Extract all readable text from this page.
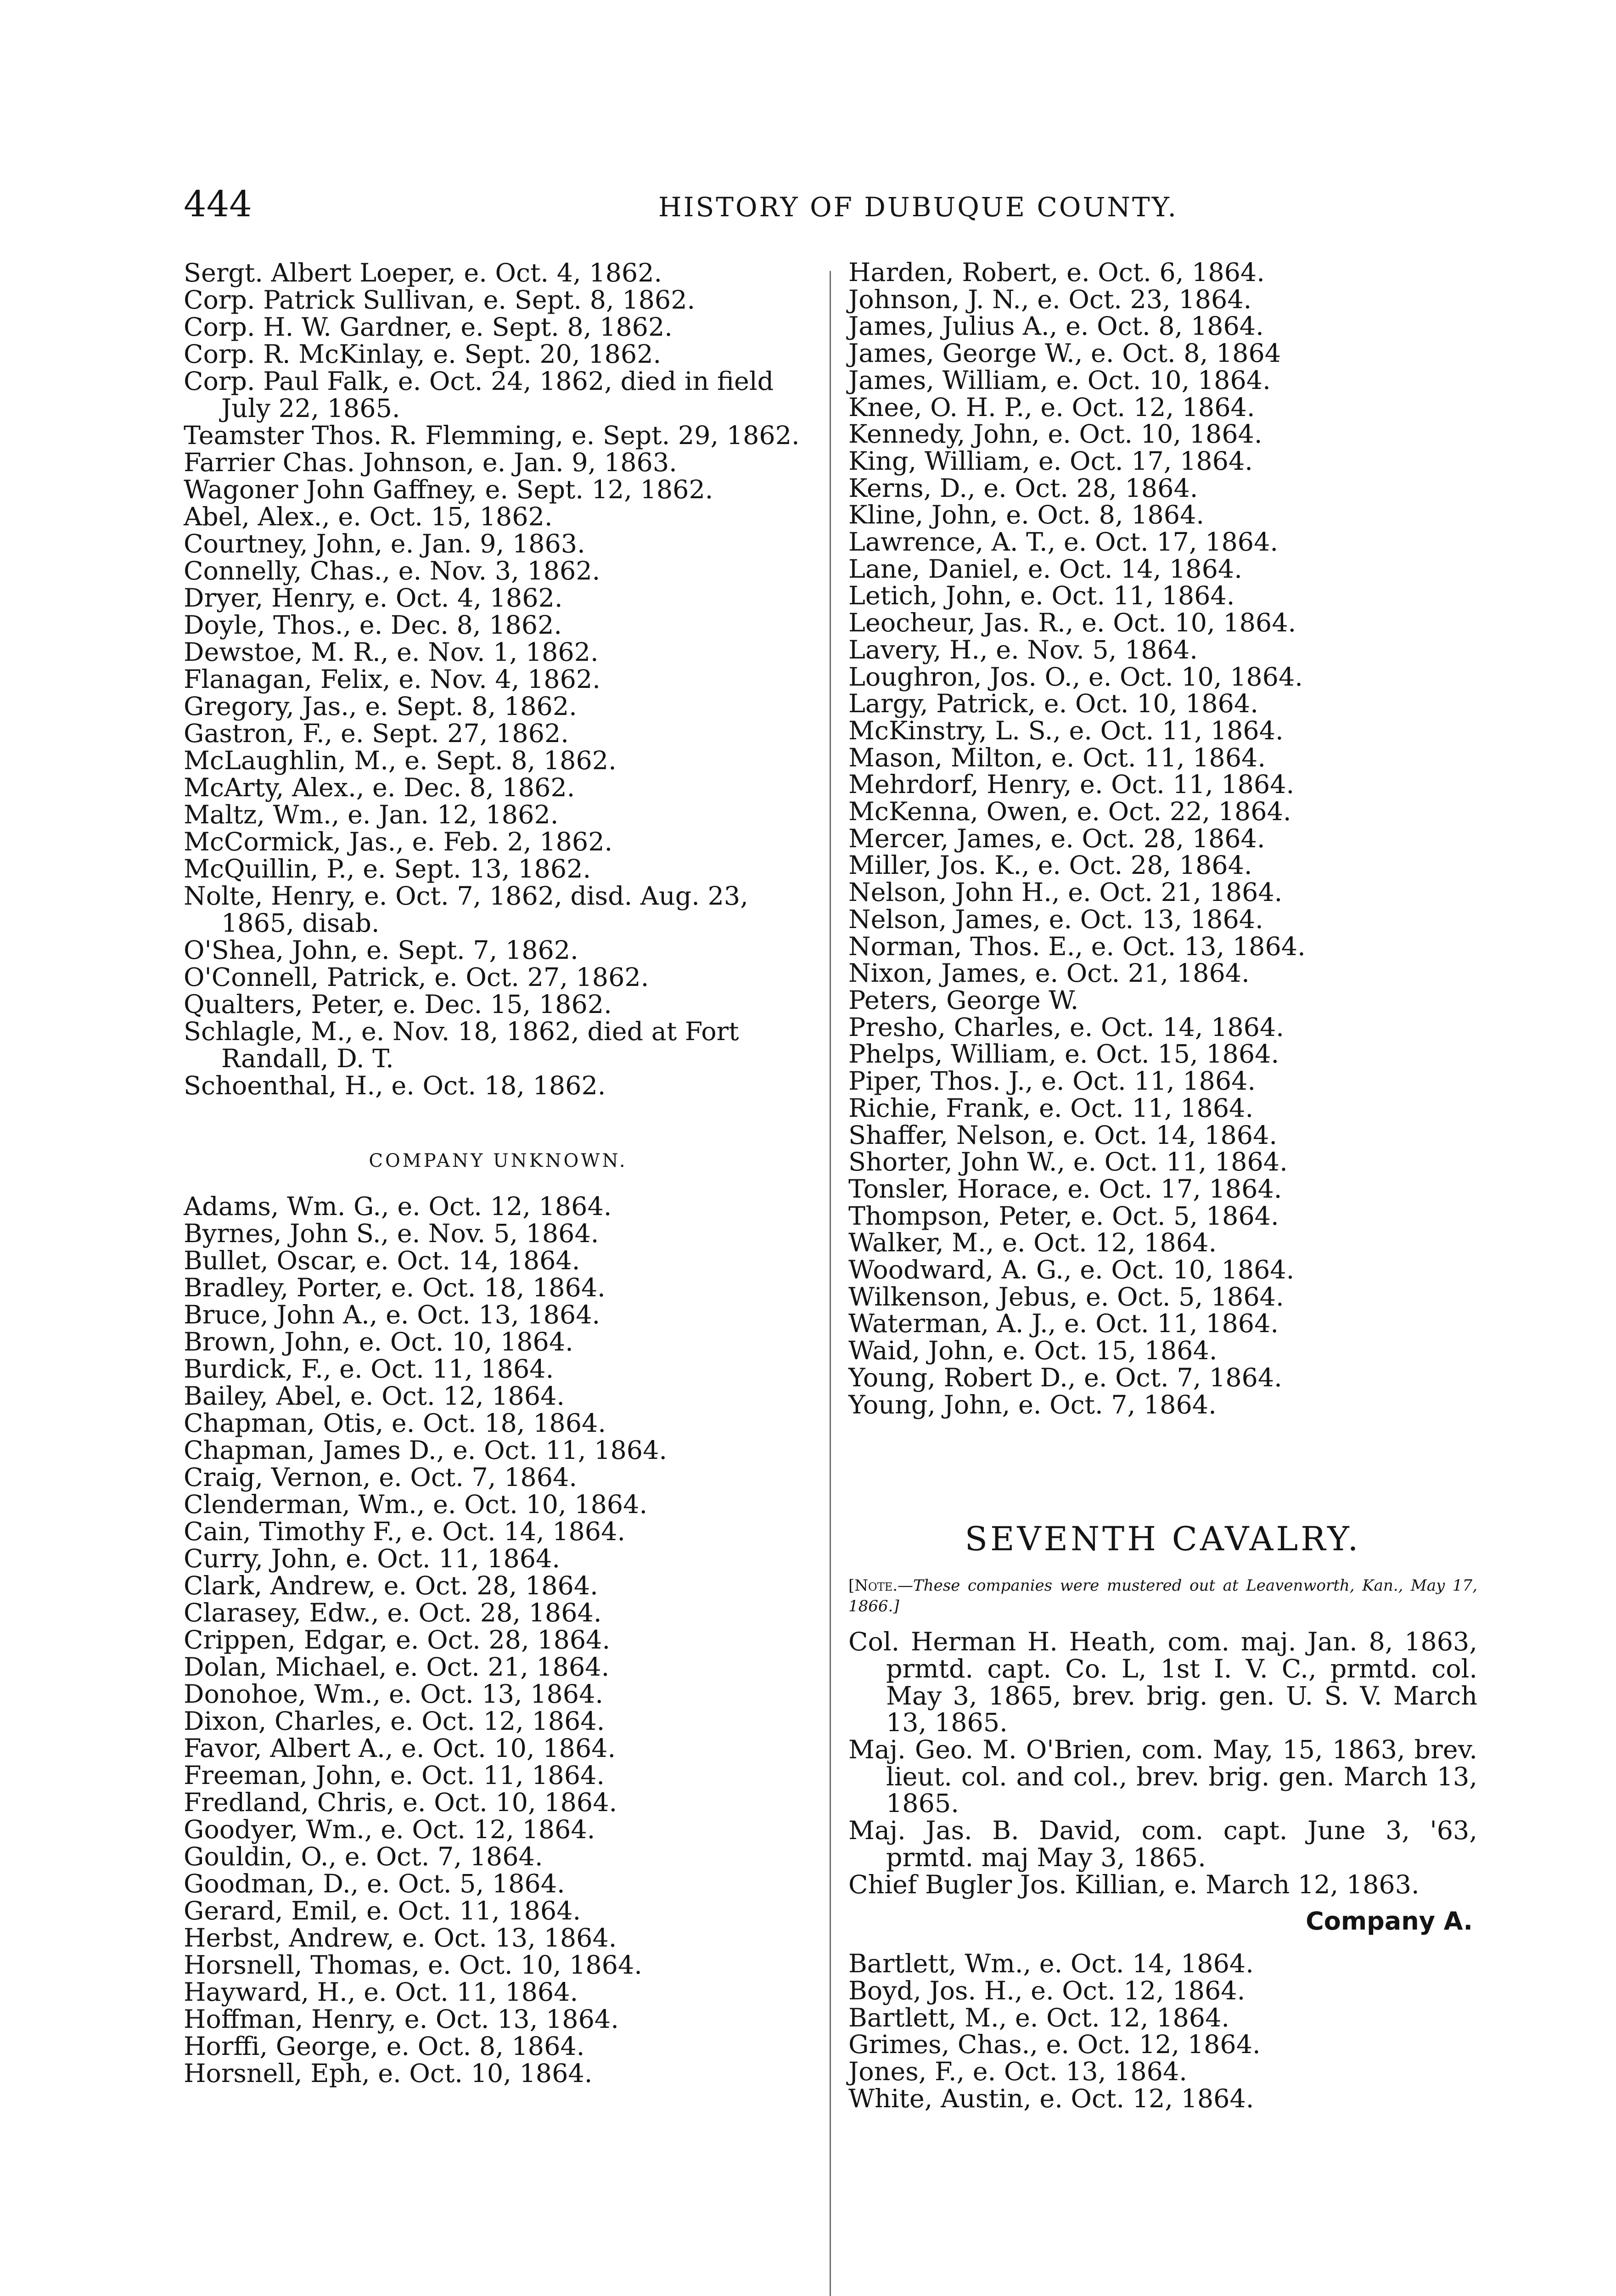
444	HISTORY OF DUBUQUE COUNTY.
Sergt. Albert Loeper, e. Oct. 4, 1862.
Corp. Patrick Sullivan, e. Sept. 8, 1862.
Corp. H. W. Gardner, e. Sept. 8, 1862.
Corp. R. McKinlay, e. Sept. 20, 1862.
Corp. Paul Falk, e. Oct. 24, 1862, died in field July 22, 1865.
Teamster Thos. R. Flemming, e. Sept. 29, 1862.
Farrier Chas. Johnson, e. Jan. 9, 1863.
Wagoner John Gaffney, e. Sept. 12, 1862.
Abel, Alex., e. Oct. 15, 1862.
Courtney, John, e. Jan. 9, 1863.
Connelly, Chas., e. Nov. 3, 1862.
Dryer, Henry, e. Oct. 4, 1862.
Doyle, Thos., e. Dec. 8, 1862.
Dewstoe, M. R., e. Nov. 1, 1862.
Flanagan, Felix, e. Nov. 4, 1862.
Gregory, Jas., e. Sept. 8, 1862.
Gastron, F., e. Sept. 27, 1862.
McLaughlin, M., e. Sept. 8, 1862.
McArty, Alex., e. Dec. 8, 1862.
Maltz, Wm., e. Jan. 12, 1862.
McCormick, Jas., e. Feb. 2, 1862.
McQuillin, P., e. Sept. 13, 1862.
Nolte, Henry, e. Oct. 7, 1862, disd. Aug. 23, 1865, disab.
O'Shea, John, e. Sept. 7, 1862.
O'Connell, Patrick, e. Oct. 27, 1862.
Qualters, Peter, e. Dec. 15, 1862.
Schlagle, M., e. Nov. 18, 1862, died at Fort Randall, D. T.
Schoenthal, H., e. Oct. 18, 1862.
COMPANY UNKNOWN.
Adams, Wm. G., e. Oct. 12, 1864.
Byrnes, John S., e. Nov. 5, 1864.
Bullet, Oscar, e. Oct. 14, 1864.
Bradley, Porter, e. Oct. 18, 1864.
Bruce, John A., e. Oct. 13, 1864.
Brown, John, e. Oct. 10, 1864.
Burdick, F., e. Oct. 11, 1864.
Bailey, Abel, e. Oct. 12, 1864.
Chapman, Otis, e. Oct. 18, 1864.
Chapman, James D., e. Oct. 11, 1864.
Craig, Vernon, e. Oct. 7, 1864.
Clenderman, Wm., e. Oct. 10, 1864.
Cain, Timothy F., e. Oct. 14, 1864.
Curry, John, e. Oct. 11, 1864.
Clark, Andrew, e. Oct. 28, 1864.
Clarasey, Edw., e. Oct. 28, 1864.
Crippen, Edgar, e. Oct. 28, 1864.
Dolan, Michael, e. Oct. 21, 1864.
Donohoe, Wm., e. Oct. 13, 1864.
Dixon, Charles, e. Oct. 12, 1864.
Favor, Albert A., e. Oct. 10, 1864.
Freeman, John, e. Oct. 11, 1864.
Fredland, Chris, e. Oct. 10, 1864.
Goodyer, Wm., e. Oct. 12, 1864.
Gouldin, O., e. Oct. 7, 1864.
Goodman, D., e. Oct. 5, 1864.
Gerard, Emil, e. Oct. 11, 1864.
Herbst, Andrew, e. Oct. 13, 1864.
Horsnell, Thomas, e. Oct. 10, 1864.
Hayward, H., e. Oct. 11, 1864.
Hoffman, Henry, e. Oct. 13, 1864.
Horffi, George, e. Oct. 8, 1864.
Horsnell, Eph, e. Oct. 10, 1864.
Harden, Robert, e. Oct. 6, 1864.
Johnson, J. N., e. Oct. 23, 1864.
James, Julius A., e. Oct. 8, 1864.
James, George W., e. Oct. 8, 1864
James, William, e. Oct. 10, 1864.
Knee, O. H. P., e. Oct. 12, 1864.
Kennedy, John, e. Oct. 10, 1864.
King, William, e. Oct. 17, 1864.
Kerns, D., e. Oct. 28, 1864.
Kline, John, e. Oct. 8, 1864.
Lawrence, A. T., e. Oct. 17, 1864.
Lane, Daniel, e. Oct. 14, 1864.
Letich, John, e. Oct. 11, 1864.
Leocheur, Jas. R., e. Oct. 10, 1864.
Lavery, H., e. Nov. 5, 1864.
Loughron, Jos. O., e. Oct. 10, 1864.
Largy, Patrick, e. Oct. 10, 1864.
McKinstry, L. S., e. Oct. 11, 1864.
Mason, Milton, e. Oct. 11, 1864.
Mehrdorf, Henry, e. Oct. 11, 1864.
McKenna, Owen, e. Oct. 22, 1864.
Mercer, James, e. Oct. 28, 1864.
Miller, Jos. K., e. Oct. 28, 1864.
Nelson, John H., e. Oct. 21, 1864.
Nelson, James, e. Oct. 13, 1864.
Norman, Thos. E., e. Oct. 13, 1864.
Nixon, James, e. Oct. 21, 1864.
Peters, George W.
Presho, Charles, e. Oct. 14, 1864.
Phelps, William, e. Oct. 15, 1864.
Piper, Thos. J., e. Oct. 11, 1864.
Richie, Frank, e. Oct. 11, 1864.
Shaffer, Nelson, e. Oct. 14, 1864.
Shorter, John W., e. Oct. 11, 1864.
Tonsler, Horace, e. Oct. 17, 1864.
Thompson, Peter, e. Oct. 5, 1864.
Walker, M., e. Oct. 12, 1864.
Woodward, A. G., e. Oct. 10, 1864.
Wilkenson, Jebus, e. Oct. 5, 1864.
Waterman, A. J., e. Oct. 11, 1864.
Waid, John, e. Oct. 15, 1864.
Young, Robert D., e. Oct. 7, 1864.
Young, John, e. Oct. 7, 1864.
SEVENTH CAVALRY.
[Note.—These companies were mustered out at Leavenworth, Kan., May 17, 1866.]
Col. Herman H. Heath, com. maj. Jan. 8, 1863, prmtd. capt. Co. L, 1st I. V. C., prmtd. col. May 3, 1865, brev. brig. gen. U. S. V. March 13, 1865.
Maj. Geo. M. O'Brien, com. May, 15, 1863, brev. lieut. col. and col., brev. brig. gen. March 13, 1865.
Maj. Jas. B. David, com. capt. June 3, '63, prmtd. maj May 3, 1865.
Chief Bugler Jos. Killian, e. March 12, 1863.
Company A.
Bartlett, Wm., e. Oct. 14, 1864.
Boyd, Jos. H., e. Oct. 12, 1864.
Bartlett, M., e. Oct. 12, 1864.
Grimes, Chas., e. Oct. 12, 1864.
Jones, F., e. Oct. 13, 1864.
White, Austin, e. Oct. 12, 1864.
